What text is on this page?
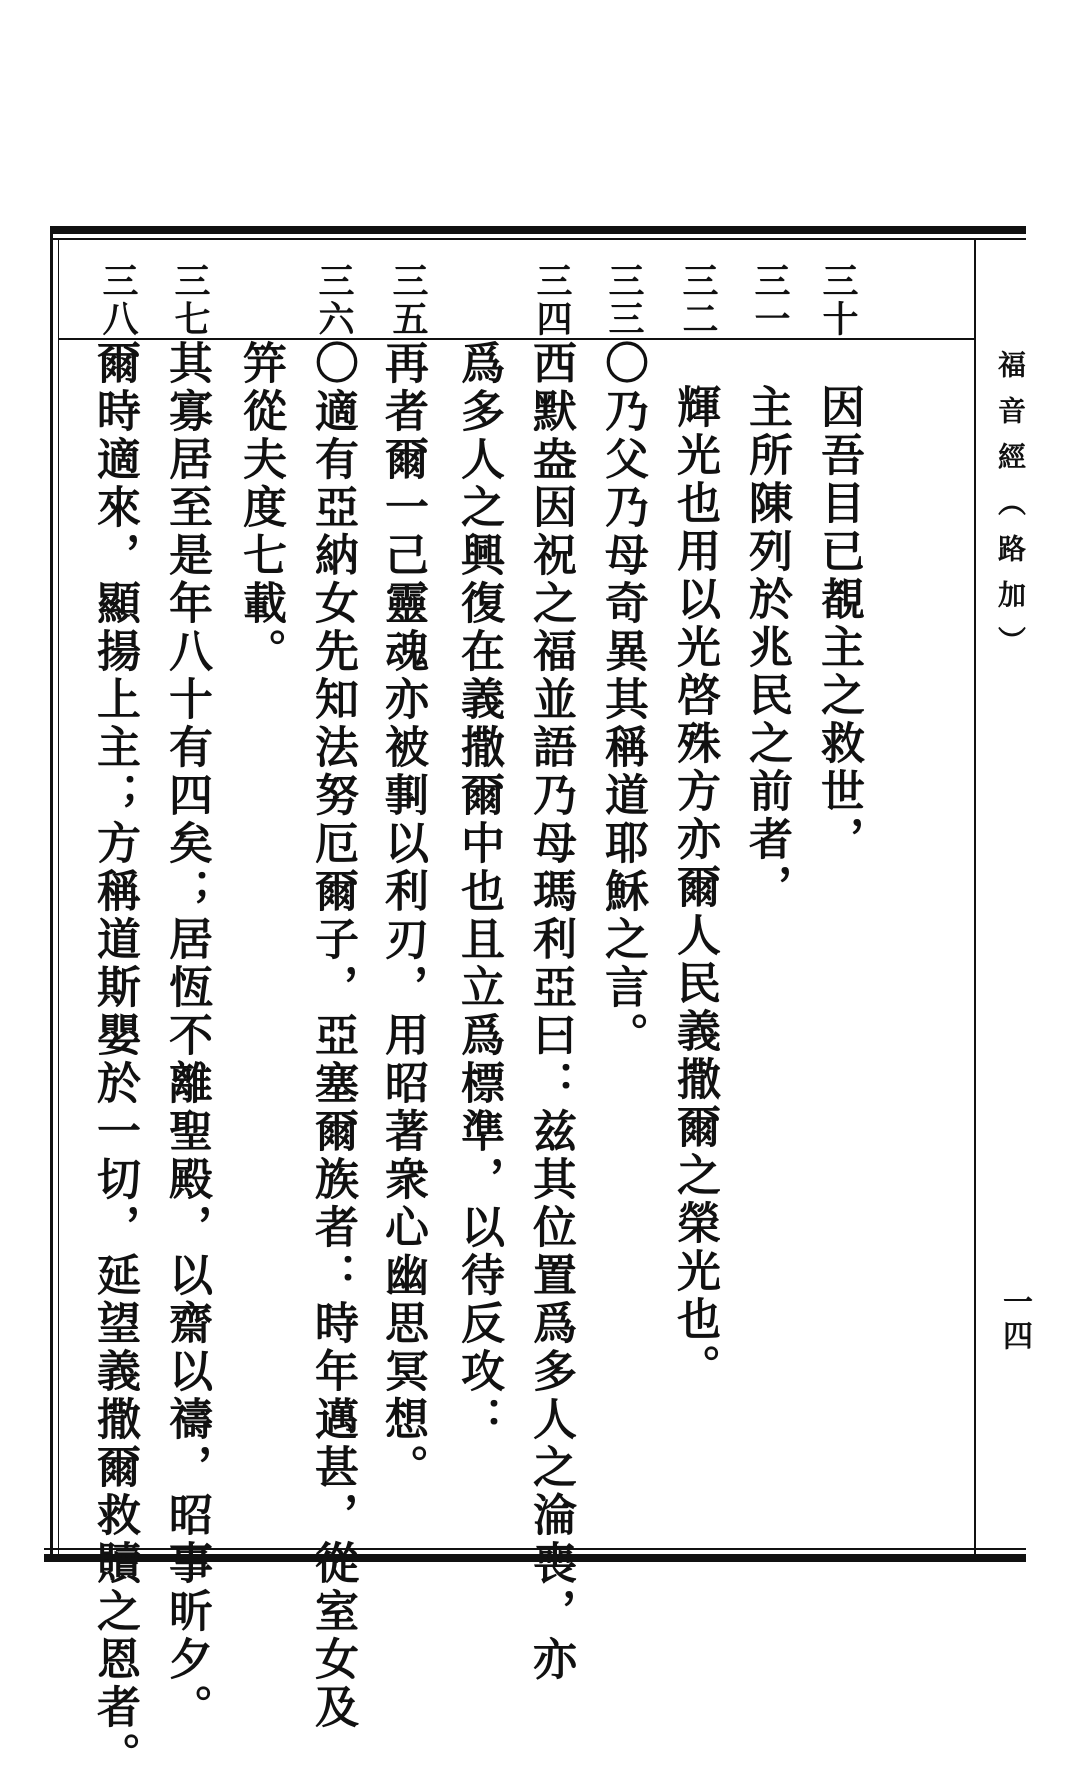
三十
三一
三二
三三
三四
三五
三六
三七
三八
因吾目已覩主之救世，
主所陳列於兆民之前者，
輝光也用以光啓殊方亦爾人民義撒爾之榮光也。
〇乃父乃母奇異其稱道耶穌之言。
西默盎因祝之福並語乃母瑪利亞曰：兹其位置爲多人之淪喪，亦
爲多人之興復在義撒爾中也且立爲標準，以待反攻：
再者爾一己靈魂亦被剚以利刃，用昭著衆心幽思冥想。
〇適有亞納女先知法努厄爾子，亞塞爾族者：時年邁甚，從室女及
笄從夫度七載。
其寡居至是年八十有四矣；居恆不離聖殿，以齋以禱，昭事昕夕。
爾時適來，顯揚上主；方稱道斯嬰於一切，延望義撒爾救贖之恩者。	福音經（路加）
一四
